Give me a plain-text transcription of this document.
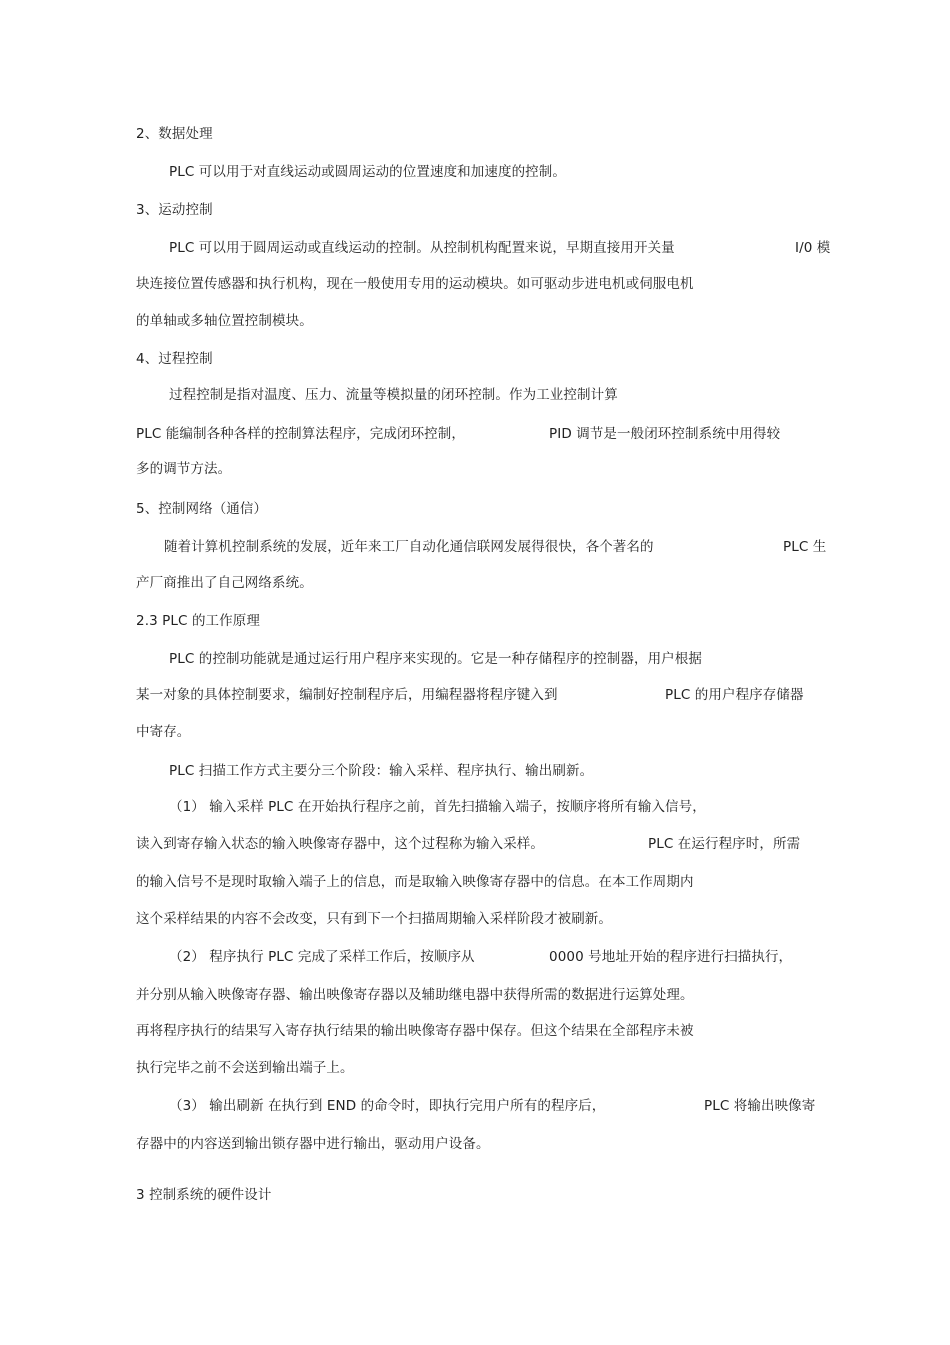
2、数据处理
PLC 可以用于对直线运动或圆周运动的位置速度和加速度的控制。
3、运动控制
PLC 可以用于圆周运动或直线运动的控制。从控制机构配置来说，早期直接用开关量	I/0 模
块连接位置传感器和执行机构，现在一般使用专用的运动模块。如可驱动步进电机或伺服电机
的单轴或多轴位置控制模块。
4、过程控制
过程控制是指对温度、压力、流量等模拟量的闭环控制。作为工业控制计算
PLC 能编制各种各样的控制算法程序，完成闭环控制，	PID 调节是一般闭环控制系统中用得较
多的调节方法。
5、控制网络（通信）
随着计算机控制系统的发展，近年来工厂自动化通信联网发展得很快，各个著名的	PLC 生
产厂商推出了自己网络系统。
2.3 PLC 的工作原理
PLC 的控制功能就是通过运行用户程序来实现的。它是一种存储程序的控制器，用户根据
某一对象的具体控制要求，编制好控制程序后，用编程器将程序键入到	PLC 的用户程序存储器
中寄存。
PLC 扫描工作方式主要分三个阶段：输入采样、程序执行、输出刷新。
（1） 输入采样 PLC 在开始执行程序之前，首先扫描输入端子，按顺序将所有输入信号，
读入到寄存输入状态的输入映像寄存器中，这个过程称为输入采样。	PLC 在运行程序时，所需
的输入信号不是现时取输入端子上的信息，而是取输入映像寄存器中的信息。在本工作周期内
这个采样结果的内容不会改变，只有到下一个扫描周期输入采样阶段才被刷新。
（2） 程序执行 PLC 完成了采样工作后，按顺序从	0000 号地址开始的程序进行扫描执行，
并分别从输入映像寄存器、输出映像寄存器以及辅助继电器中获得所需的数据进行运算处理。
再将程序执行的结果写入寄存执行结果的输出映像寄存器中保存。但这个结果在全部程序未被
执行完毕之前不会送到输出端子上。
（3） 输出刷新 在执行到 END 的命令时，即执行完用户所有的程序后，	PLC 将输出映像寄
存器中的内容送到输出锁存器中进行输出，驱动用户设备。
3 控制系统的硬件设计
